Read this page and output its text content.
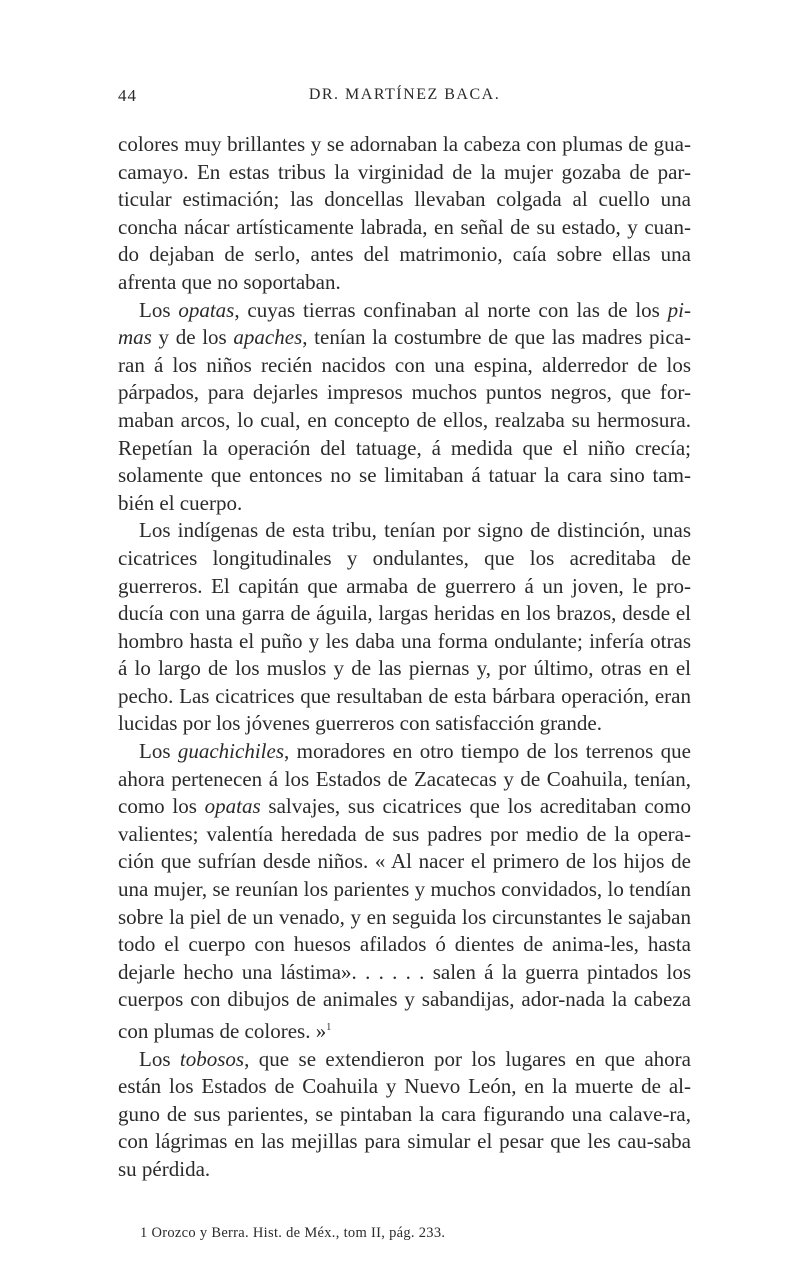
44	DR. MARTÍNEZ BACA.

colores muy brillantes y se adornaban la cabeza con plumas de gua-camayo. En estas tribus la virginidad de la mujer gozaba de par-ticular estimación; las doncellas llevaban colgada al cuello una concha nácar artísticamente labrada, en señal de su estado, y cuan-do dejaban de serlo, antes del matrimonio, caía sobre ellas una afrenta que no soportaban.

Los opatas, cuyas tierras confinaban al norte con las de los pi-mas y de los apaches, tenían la costumbre de que las madres pica-ran á los niños recién nacidos con una espina, alderredor de los párpados, para dejarles impresos muchos puntos negros, que for-maban arcos, lo cual, en concepto de ellos, realzaba su hermosura. Repetían la operación del tatuage, á medida que el niño crecía; solamente que entonces no se limitaban á tatuar la cara sino tam-bién el cuerpo.

Los indígenas de esta tribu, tenían por signo de distinción, unas cicatrices longitudinales y ondulantes, que los acreditaba de guerreros. El capitán que armaba de guerrero á un joven, le pro-ducía con una garra de águila, largas heridas en los brazos, desde el hombro hasta el puño y les daba una forma ondulante; infería otras á lo largo de los muslos y de las piernas y, por último, otras en el pecho. Las cicatrices que resultaban de esta bárbara operación, eran lucidas por los jóvenes guerreros con satisfacción grande.

Los guachichiles, moradores en otro tiempo de los terrenos que ahora pertenecen á los Estados de Zacatecas y de Coahuila, tenían, como los opatas salvajes, sus cicatrices que los acreditaban como valientes; valentía heredada de sus padres por medio de la opera-ción que sufrían desde niños. « Al nacer el primero de los hijos de una mujer, se reunían los parientes y muchos convidados, lo tendían sobre la piel de un venado, y en seguida los circunstantes le sajaban todo el cuerpo con huesos afilados ó dientes de anima-les, hasta dejarle hecho una lástima». . . . . . salen á la guerra pintados los cuerpos con dibujos de animales y sabandijas, ador-nada la cabeza con plumas de colores. »$^1$

Los tobosos, que se extendieron por los lugares en que ahora están los Estados de Coahuila y Nuevo León, en la muerte de al-guno de sus parientes, se pintaban la cara figurando una calave-ra, con lágrimas en las mejillas para simular el pesar que les cau-saba su pérdida.

1 Orozco y Berra. Hist. de Méx., tom II, pág. 233.
